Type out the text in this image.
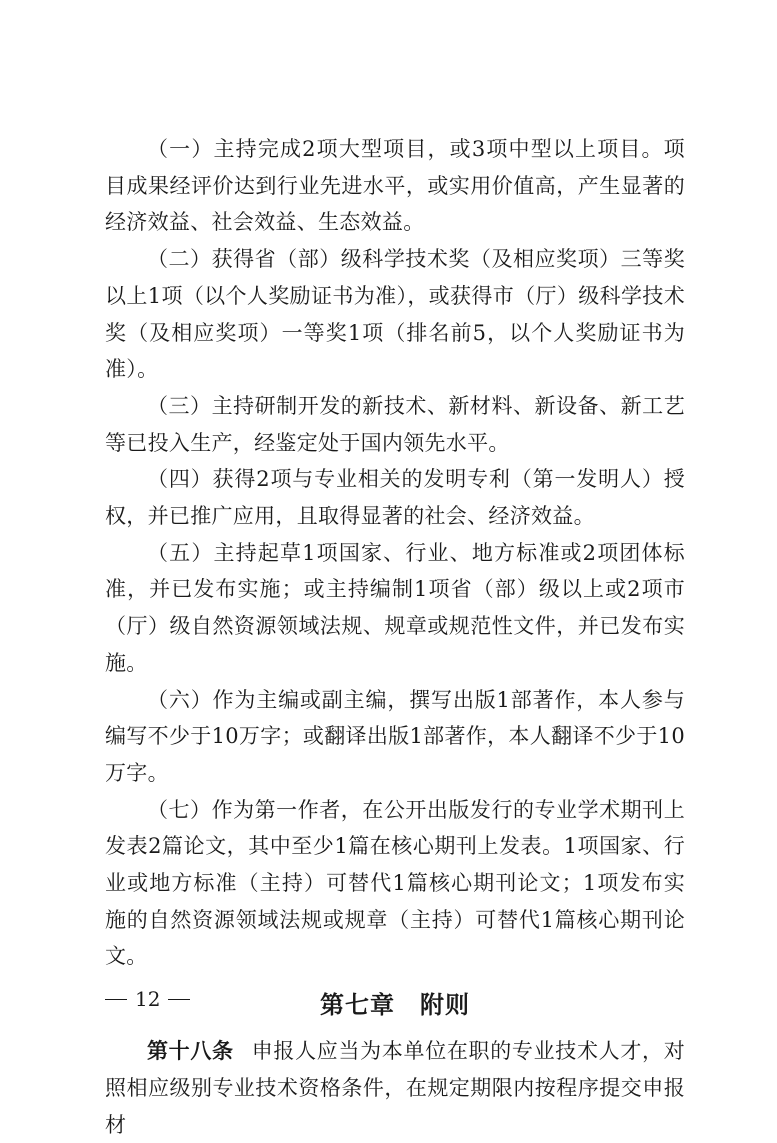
（一）主持完成2项大型项目，或3项中型以上项目。项目成果经评价达到行业先进水平，或实用价值高，产生显著的经济效益、社会效益、生态效益。

（二）获得省（部）级科学技术奖（及相应奖项）三等奖以上1项（以个人奖励证书为准），或获得市（厅）级科学技术奖（及相应奖项）一等奖1项（排名前5，以个人奖励证书为准）。

（三）主持研制开发的新技术、新材料、新设备、新工艺等已投入生产，经鉴定处于国内领先水平。

（四）获得2项与专业相关的发明专利（第一发明人）授权，并已推广应用，且取得显著的社会、经济效益。

（五）主持起草1项国家、行业、地方标准或2项团体标准，并已发布实施；或主持编制1项省（部）级以上或2项市（厅）级自然资源领域法规、规章或规范性文件，并已发布实施。

（六）作为主编或副主编，撰写出版1部著作，本人参与编写不少于10万字；或翻译出版1部著作，本人翻译不少于10万字。

（七）作为第一作者，在公开出版发行的专业学术期刊上发表2篇论文，其中至少1篇在核心期刊上发表。1项国家、行业或地方标准（主持）可替代1篇核心期刊论文；1项发布实施的自然资源领域法规或规章（主持）可替代1篇核心期刊论文。

第七章　附则

第十八条 申报人应当为本单位在职的专业技术人才，对照相应级别专业技术资格条件，在规定期限内按程序提交申报材

12
